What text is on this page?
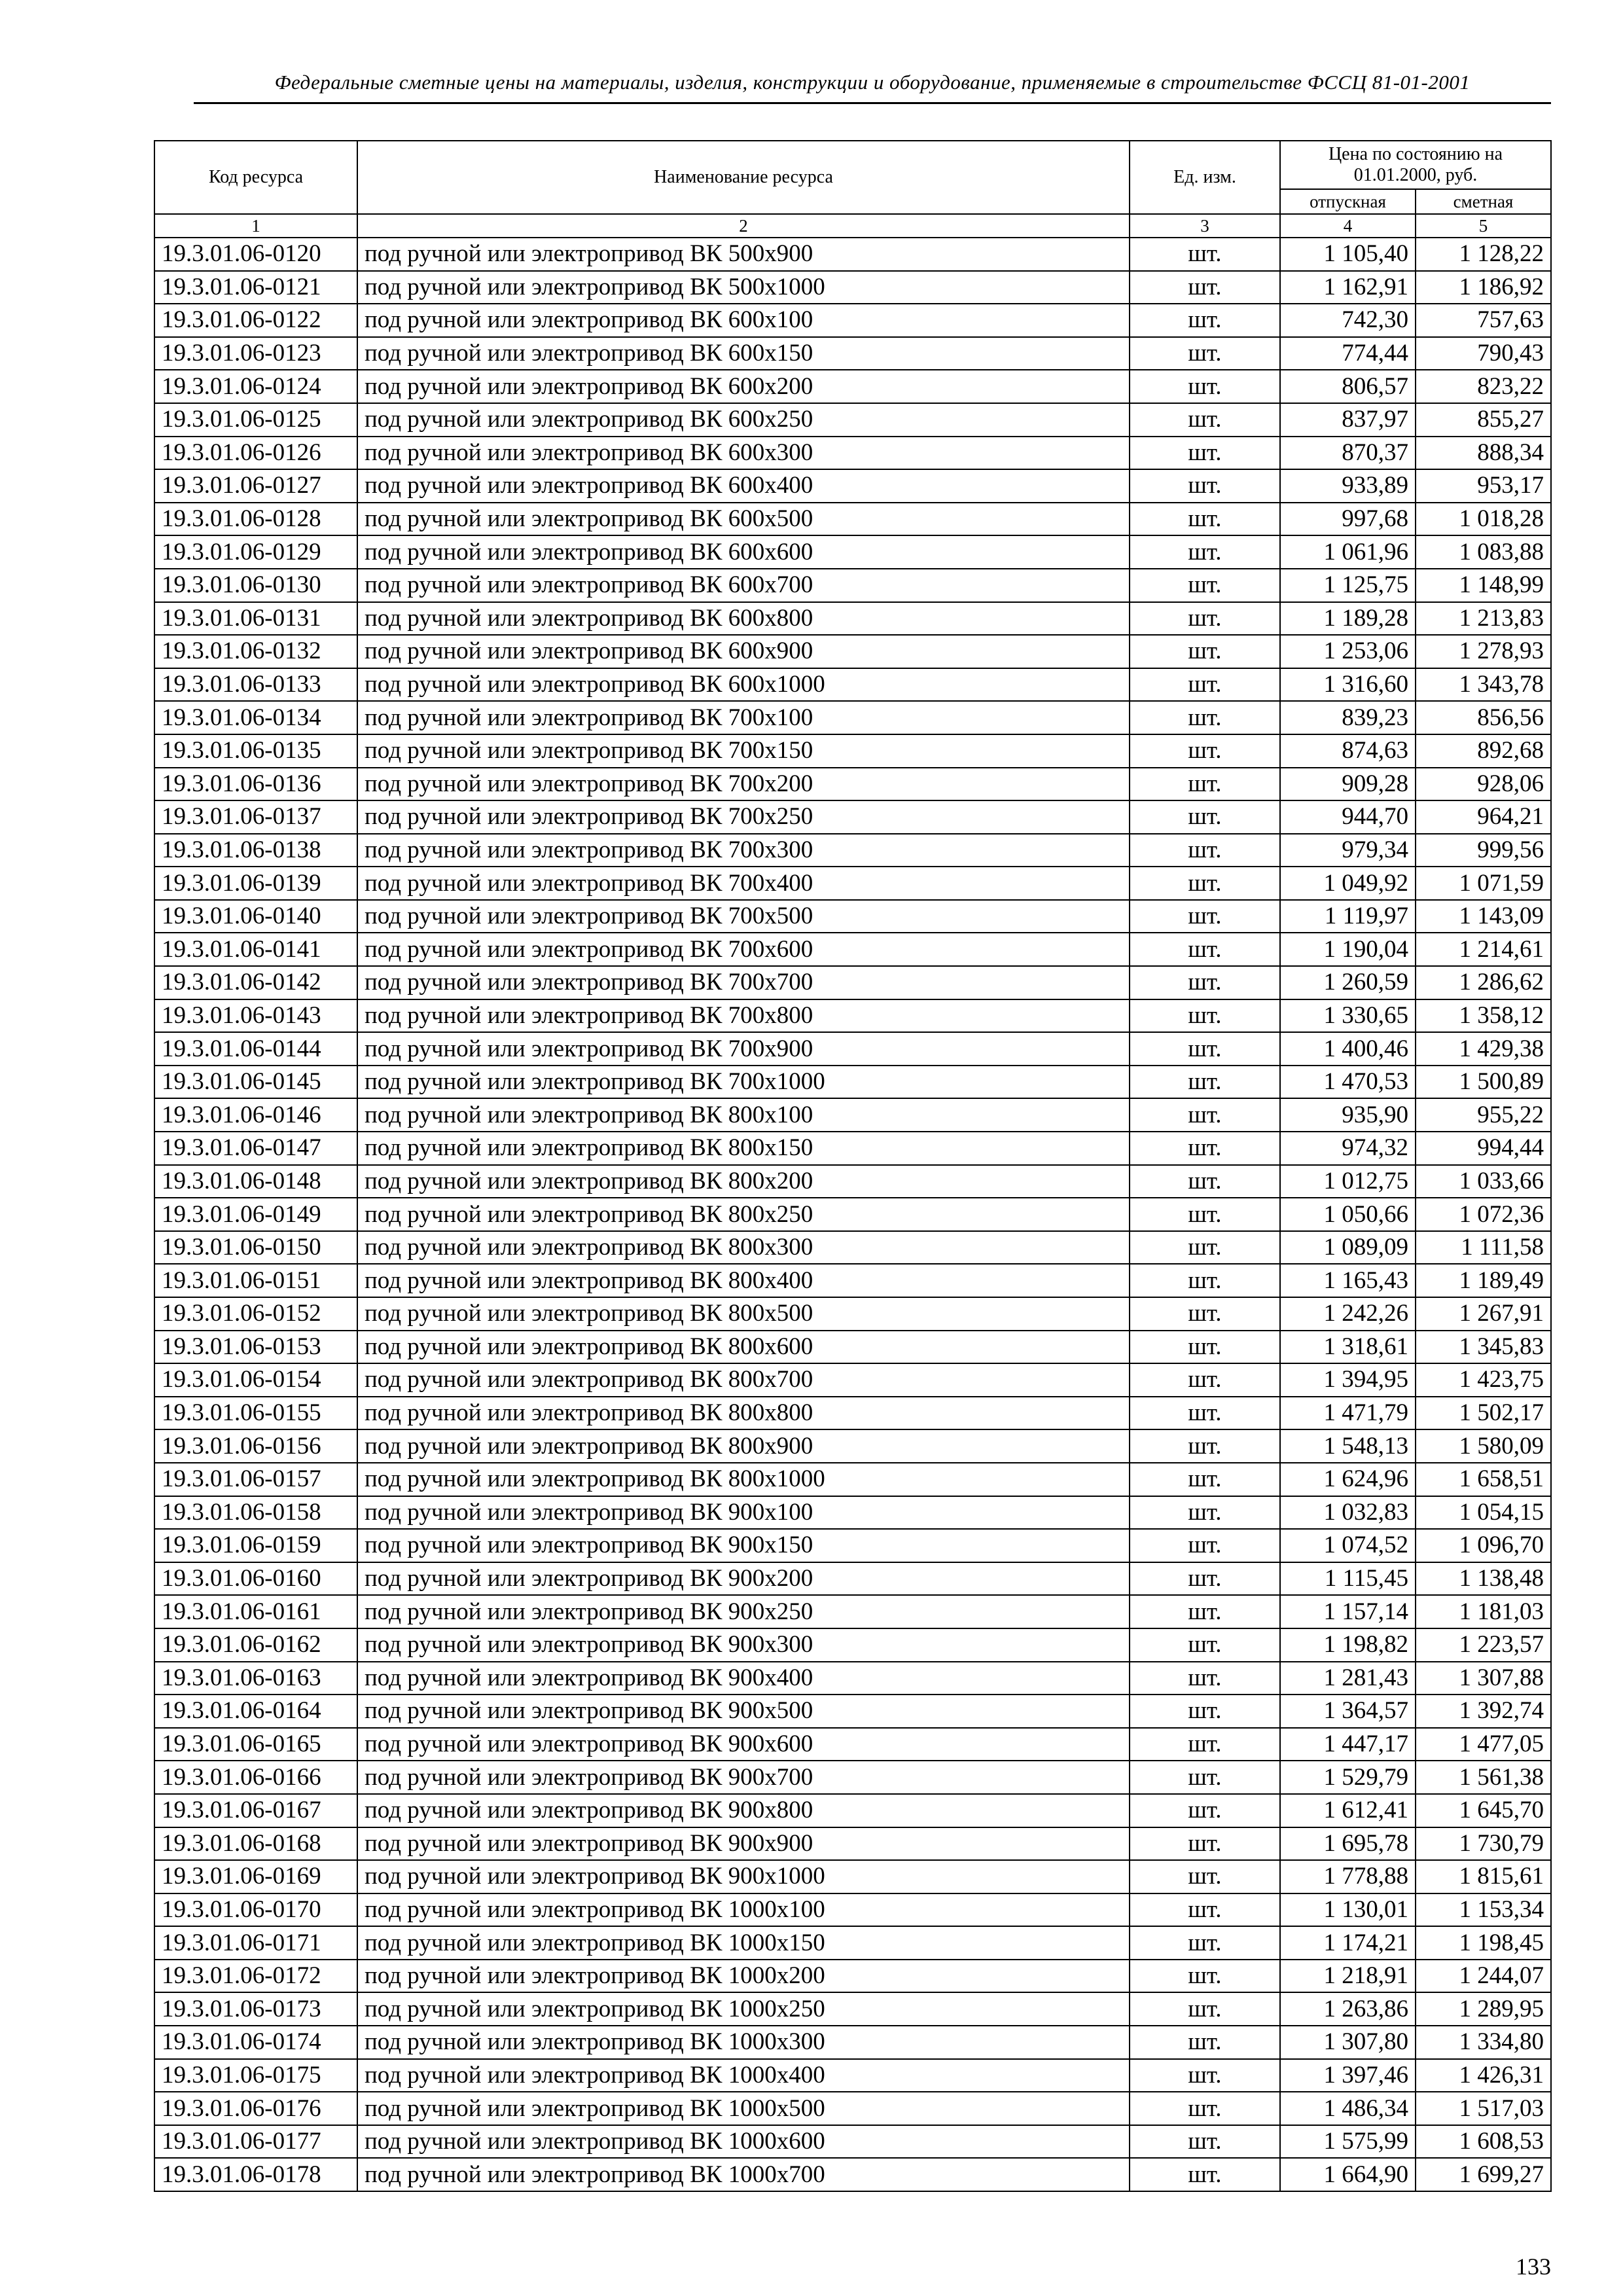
Федеральные сметные цены на материалы, изделия, конструкции и оборудование, применяемые в строительстве ФССЦ 81-01-2001
Код ресурса	Наименование ресурса	Ед. изм.	Цена по состоянию на 01.01.2000, руб.	
			отпускная	сметная
1	2	3	4	5
19.3.01.06-0120	под ручной или электропривод ВК 500х900	шт.	1 105,40	1 128,22
19.3.01.06-0121	под ручной или электропривод ВК 500х1000	шт.	1 162,91	1 186,92
19.3.01.06-0122	под ручной или электропривод ВК 600х100	шт.	742,30	757,63
19.3.01.06-0123	под ручной или электропривод ВК 600х150	шт.	774,44	790,43
19.3.01.06-0124	под ручной или электропривод ВК 600х200	шт.	806,57	823,22
19.3.01.06-0125	под ручной или электропривод ВК 600х250	шт.	837,97	855,27
19.3.01.06-0126	под ручной или электропривод ВК 600х300	шт.	870,37	888,34
19.3.01.06-0127	под ручной или электропривод ВК 600х400	шт.	933,89	953,17
19.3.01.06-0128	под ручной или электропривод ВК 600х500	шт.	997,68	1 018,28
19.3.01.06-0129	под ручной или электропривод ВК 600х600	шт.	1 061,96	1 083,88
19.3.01.06-0130	под ручной или электропривод ВК 600х700	шт.	1 125,75	1 148,99
19.3.01.06-0131	под ручной или электропривод ВК 600х800	шт.	1 189,28	1 213,83
19.3.01.06-0132	под ручной или электропривод ВК 600х900	шт.	1 253,06	1 278,93
19.3.01.06-0133	под ручной или электропривод ВК 600х1000	шт.	1 316,60	1 343,78
19.3.01.06-0134	под ручной или электропривод ВК 700х100	шт.	839,23	856,56
19.3.01.06-0135	под ручной или электропривод ВК 700х150	шт.	874,63	892,68
19.3.01.06-0136	под ручной или электропривод ВК 700х200	шт.	909,28	928,06
19.3.01.06-0137	под ручной или электропривод ВК 700х250	шт.	944,70	964,21
19.3.01.06-0138	под ручной или электропривод ВК 700х300	шт.	979,34	999,56
19.3.01.06-0139	под ручной или электропривод ВК 700х400	шт.	1 049,92	1 071,59
19.3.01.06-0140	под ручной или электропривод ВК 700х500	шт.	1 119,97	1 143,09
19.3.01.06-0141	под ручной или электропривод ВК 700х600	шт.	1 190,04	1 214,61
19.3.01.06-0142	под ручной или электропривод ВК 700х700	шт.	1 260,59	1 286,62
19.3.01.06-0143	под ручной или электропривод ВК 700х800	шт.	1 330,65	1 358,12
19.3.01.06-0144	под ручной или электропривод ВК 700х900	шт.	1 400,46	1 429,38
19.3.01.06-0145	под ручной или электропривод ВК 700х1000	шт.	1 470,53	1 500,89
19.3.01.06-0146	под ручной или электропривод ВК 800х100	шт.	935,90	955,22
19.3.01.06-0147	под ручной или электропривод ВК 800х150	шт.	974,32	994,44
19.3.01.06-0148	под ручной или электропривод ВК 800х200	шт.	1 012,75	1 033,66
19.3.01.06-0149	под ручной или электропривод ВК 800х250	шт.	1 050,66	1 072,36
19.3.01.06-0150	под ручной или электропривод ВК 800х300	шт.	1 089,09	1 111,58
19.3.01.06-0151	под ручной или электропривод ВК 800х400	шт.	1 165,43	1 189,49
19.3.01.06-0152	под ручной или электропривод ВК 800х500	шт.	1 242,26	1 267,91
19.3.01.06-0153	под ручной или электропривод ВК 800х600	шт.	1 318,61	1 345,83
19.3.01.06-0154	под ручной или электропривод ВК 800х700	шт.	1 394,95	1 423,75
19.3.01.06-0155	под ручной или электропривод ВК 800х800	шт.	1 471,79	1 502,17
19.3.01.06-0156	под ручной или электропривод ВК 800х900	шт.	1 548,13	1 580,09
19.3.01.06-0157	под ручной или электропривод ВК 800х1000	шт.	1 624,96	1 658,51
19.3.01.06-0158	под ручной или электропривод ВК 900х100	шт.	1 032,83	1 054,15
19.3.01.06-0159	под ручной или электропривод ВК 900х150	шт.	1 074,52	1 096,70
19.3.01.06-0160	под ручной или электропривод ВК 900х200	шт.	1 115,45	1 138,48
19.3.01.06-0161	под ручной или электропривод ВК 900х250	шт.	1 157,14	1 181,03
19.3.01.06-0162	под ручной или электропривод ВК 900х300	шт.	1 198,82	1 223,57
19.3.01.06-0163	под ручной или электропривод ВК 900х400	шт.	1 281,43	1 307,88
19.3.01.06-0164	под ручной или электропривод ВК 900х500	шт.	1 364,57	1 392,74
19.3.01.06-0165	под ручной или электропривод ВК 900х600	шт.	1 447,17	1 477,05
19.3.01.06-0166	под ручной или электропривод ВК 900х700	шт.	1 529,79	1 561,38
19.3.01.06-0167	под ручной или электропривод ВК 900х800	шт.	1 612,41	1 645,70
19.3.01.06-0168	под ручной или электропривод ВК 900х900	шт.	1 695,78	1 730,79
19.3.01.06-0169	под ручной или электропривод ВК 900х1000	шт.	1 778,88	1 815,61
19.3.01.06-0170	под ручной или электропривод ВК 1000х100	шт.	1 130,01	1 153,34
19.3.01.06-0171	под ручной или электропривод ВК 1000х150	шт.	1 174,21	1 198,45
19.3.01.06-0172	под ручной или электропривод ВК 1000х200	шт.	1 218,91	1 244,07
19.3.01.06-0173	под ручной или электропривод ВК 1000х250	шт.	1 263,86	1 289,95
19.3.01.06-0174	под ручной или электропривод ВК 1000х300	шт.	1 307,80	1 334,80
19.3.01.06-0175	под ручной или электропривод ВК 1000х400	шт.	1 397,46	1 426,31
19.3.01.06-0176	под ручной или электропривод ВК 1000х500	шт.	1 486,34	1 517,03
19.3.01.06-0177	под ручной или электропривод ВК 1000х600	шт.	1 575,99	1 608,53
19.3.01.06-0178	под ручной или электропривод ВК 1000х700	шт.	1 664,90	1 699,27
133
